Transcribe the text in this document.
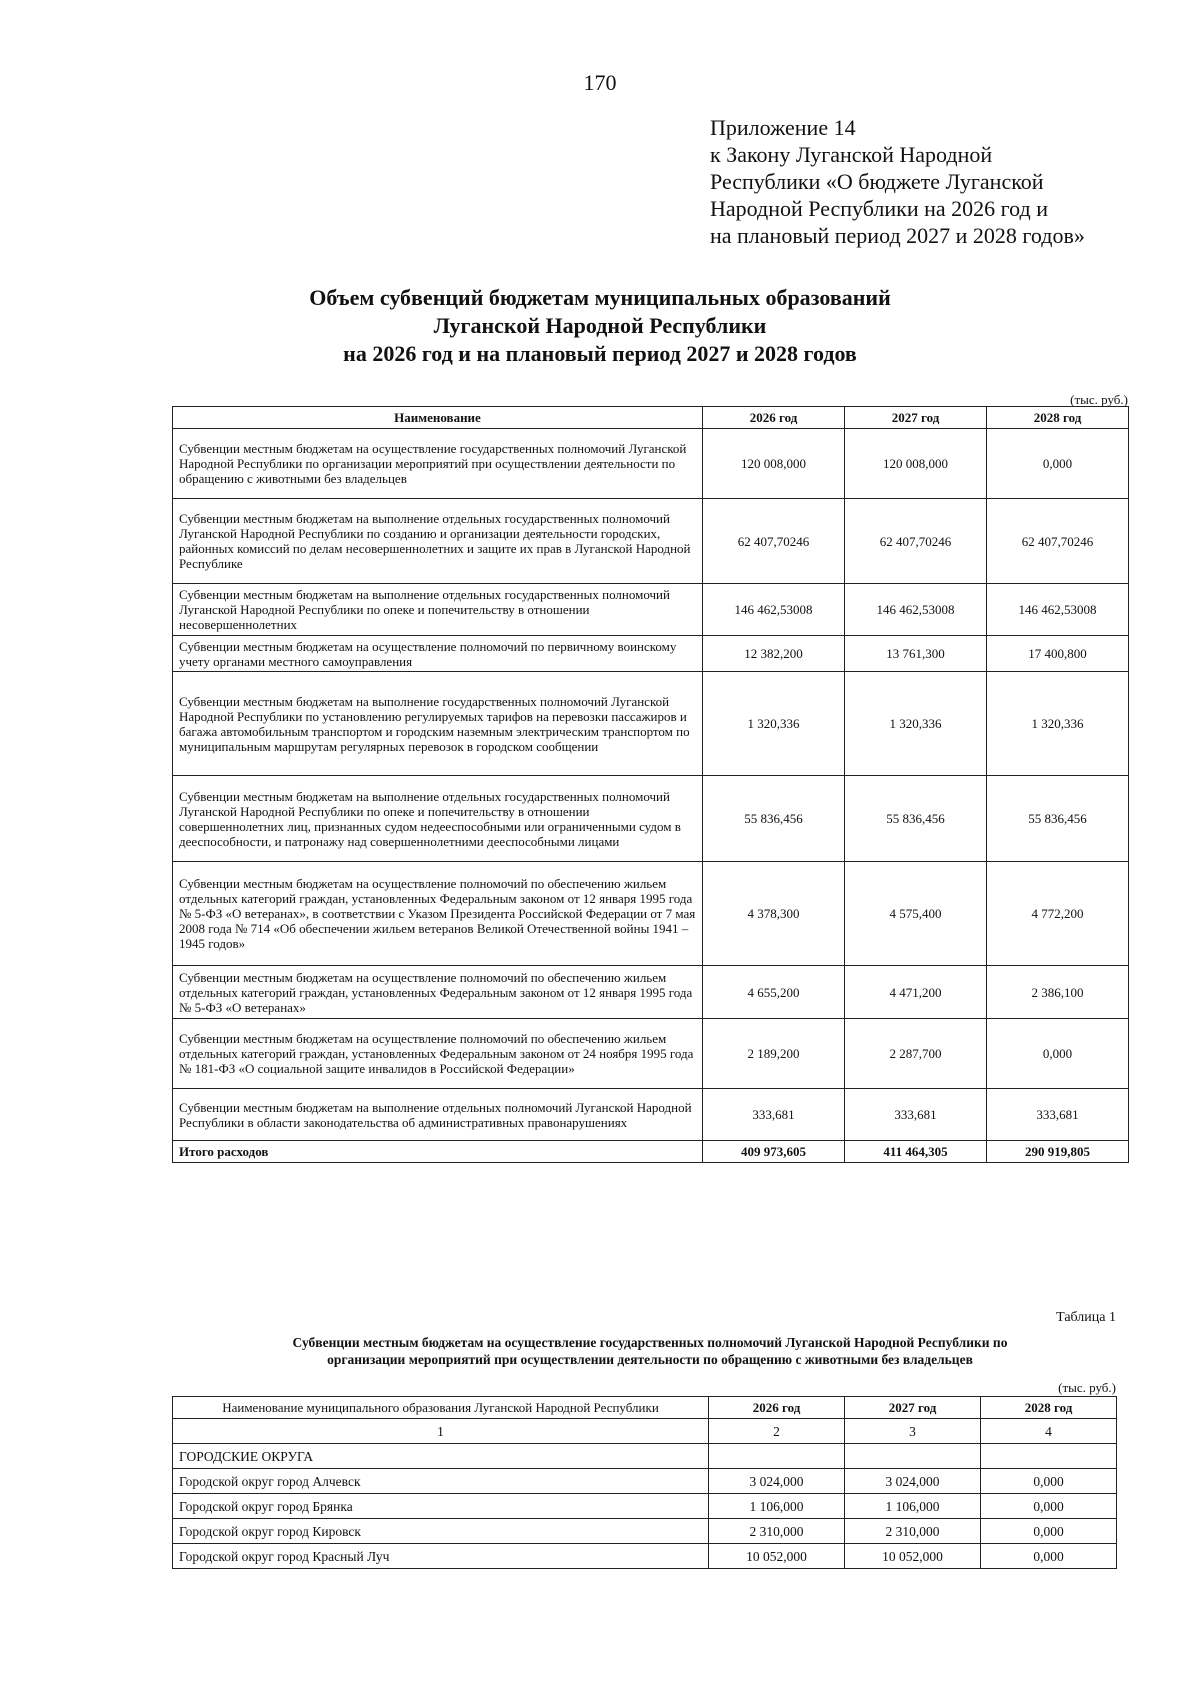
170
Приложение 14
к Закону Луганской Народной
Республики «О бюджете Луганской
Народной Республики на 2026 год и
на плановый период 2027 и 2028 годов»
Объем субвенций бюджетам муниципальных образований
Луганской Народной Республики
на 2026 год и на плановый период 2027 и 2028 годов
(тыс. руб.)
Наименование	2026 год	2027 год	2028 год
Субвенции местным бюджетам на осуществление государственных полномочий Луганской Народной Республики по организации мероприятий при осуществлении деятельности по обращению с животными без владельцев	120 008,000	120 008,000	0,000
Субвенции местным бюджетам на выполнение отдельных государственных полномочий Луганской Народной Республики по созданию и организации деятельности городских, районных комиссий по делам несовершеннолетних и защите их прав в Луганской Народной Республике	62 407,70246	62 407,70246	62 407,70246
Субвенции местным бюджетам на выполнение отдельных государственных полномочий Луганской Народной Республики по опеке и попечительству в отношении несовершеннолетних	146 462,53008	146 462,53008	146 462,53008
Субвенции местным бюджетам на осуществление полномочий по первичному воинскому учету органами местного самоуправления	12 382,200	13 761,300	17 400,800
Субвенции местным бюджетам на выполнение государственных полномочий Луганской Народной Республики по установлению регулируемых тарифов на перевозки пассажиров и багажа автомобильным транспортом и городским наземным электрическим транспортом по муниципальным маршрутам регулярных перевозок в городском сообщении	1 320,336	1 320,336	1 320,336
Субвенции местным бюджетам на выполнение отдельных государственных полномочий Луганской Народной Республики по опеке и попечительству в отношении совершеннолетних лиц, признанных судом недееспособными или ограниченными судом в дееспособности, и патронажу над совершеннолетними дееспособными лицами	55 836,456	55 836,456	55 836,456
Субвенции местным бюджетам на осуществление полномочий по обеспечению жильем отдельных категорий граждан, установленных Федеральным законом от 12 января 1995 года № 5-ФЗ «О ветеранах», в соответствии с Указом Президента Российской Федерации от 7 мая 2008 года № 714 «Об обеспечении жильем ветеранов Великой Отечественной войны 1941 – 1945 годов»	4 378,300	4 575,400	4 772,200
Субвенции местным бюджетам на осуществление полномочий по обеспечению жильем отдельных категорий граждан, установленных Федеральным законом от 12 января 1995 года № 5-ФЗ «О ветеранах»	4 655,200	4 471,200	2 386,100
Субвенции местным бюджетам на осуществление полномочий по обеспечению жильем отдельных категорий граждан, установленных Федеральным законом от 24 ноября 1995 года № 181-ФЗ «О социальной защите инвалидов в Российской Федерации»	2 189,200	2 287,700	0,000
Субвенции местным бюджетам на выполнение отдельных полномочий Луганской Народной Республики в области законодательства об административных правонарушениях	333,681	333,681	333,681
Итого расходов	409 973,605	411 464,305	290 919,805
Таблица 1
Субвенции местным бюджетам на осуществление государственных полномочий Луганской Народной Республики по
организации мероприятий при осуществлении деятельности по обращению с животными без владельцев
(тыс. руб.)
Наименование муниципального образования Луганской Народной Республики	2026 год	2027 год	2028 год
1	2	3	4
ГОРОДСКИЕ ОКРУГА			
Городской округ город Алчевск	3 024,000	3 024,000	0,000
Городской округ город Брянка	1 106,000	1 106,000	0,000
Городской округ город Кировск	2 310,000	2 310,000	0,000
Городской округ город Красный Луч	10 052,000	10 052,000	0,000
